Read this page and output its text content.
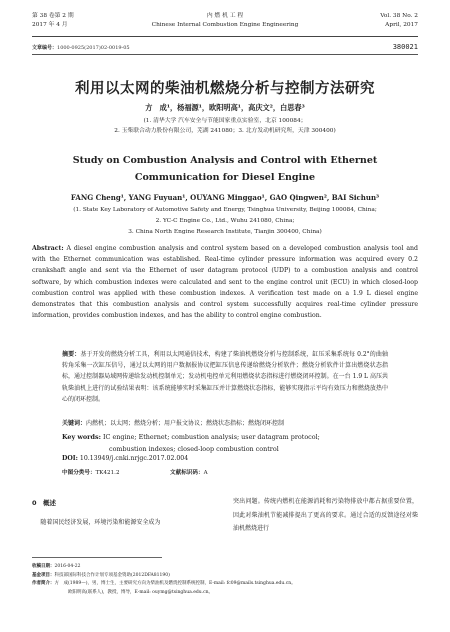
第 38 卷第 2 期
2017 年 4 月
内 燃 机 工 程
Chinese Internal Combustion Engine Engineering
Vol. 38 No. 2
April, 2017
文章编号：1000-0925(2017)02-0019-05	380021
利用以太网的柴油机燃烧分析与控制方法研究
方　成¹，杨福源¹，欧阳明高¹，高庆文²，白思春³
(1. 清华大学 汽车安全与节能国家重点实验室，北京 100084；
2. 玉柴联合动力股份有限公司，芜湖 241080；3. 北方发动机研究所，天津 300400)
Study on Combustion Analysis and Control with Ethernet
Communication for Diesel Engine
FANG Cheng¹, YANG Fuyuan¹, OUYANG Minggao¹, GAO Qingwen², BAI Sichun³
(1. State Key Laboratory of Automotive Safety and Energy, Tsinghua University, Beijing 100084, China;
2. YC-C Engine Co., Ltd., Wuhu 241080, China;
3. China North Engine Research Institute, Tianjin 300400, China)
Abstract: A diesel engine combustion analysis and control system based on a developed combustion analysis tool and with the Ethernet communication was established. Real-time cylinder pressure information was acquired every 0.2 crankshaft angle and sent via the Ethernet of user datagram protocol (UDP) to a combustion analysis and control software, by which combustion indexes were calculated and sent to the engine control unit (ECU) in which closed-loop combustion control was applied with these combustion indexes. A verification test made on a 1.9 L diesel engine demonstrates that this combustion analysis and control system successfully acquires real-time cylinder pressure information, provides combustion indexes, and has the ability to control engine combustion.
摘要：基于开发的燃烧分析工具，利用以太网通信技术，构建了柴油机燃烧分析与控制系统，缸压采集系统每 0.2°的曲轴转角采集一次缸压信号，通过以太网的用户数据报协议把缸压信息传递给燃烧分析软件；燃烧分析软件计算出燃烧状态指标，通过控制器局域网传递给发动机控制单元；发动机电控单元利用燃烧状态指标进行燃烧闭环控制。在一台 1.9 L 高压共轨柴油机上进行的试验结果表明：该系统能够实时采集缸压并计算燃烧状态指标，能够实现指示平均有效压力和燃烧放热中心的闭环控制。
关键词：内燃机；以太网；燃烧分析；用户报文协议；燃烧状态指标；燃烧闭环控制
Key words: IC engine; Ethernet; combustion analysis; user datagram protocol;
combustion indexes; closed-loop combustion control
DOI: 10.13949/j.cnki.nrjgc.2017.02.004
中图分类号：TK421.2	文献标识码：A
0　 概述
随着国民经济发展，环境污染和能源安全成为
突出问题。传统内燃机在能源消耗和污染物排放中都占据重要位置，因此对柴油机节能减排提出了更高的要求。通过合适的反馈途径对柴油机燃烧进行
收稿日期：2016-04-22
基金项目：科技部国际科技合作计划专项基金资助(2012DFA81190)
作者简介：方　成(1989—)，男，博士生，主要研究方向为柴油机及燃烧控制系统控制，E-mail: fc09@mails.tsinghua.edu.cn。
欧阳明高(联系人)，教授，博导，E-mail: ouymg@tsinghua.edu.cn。
